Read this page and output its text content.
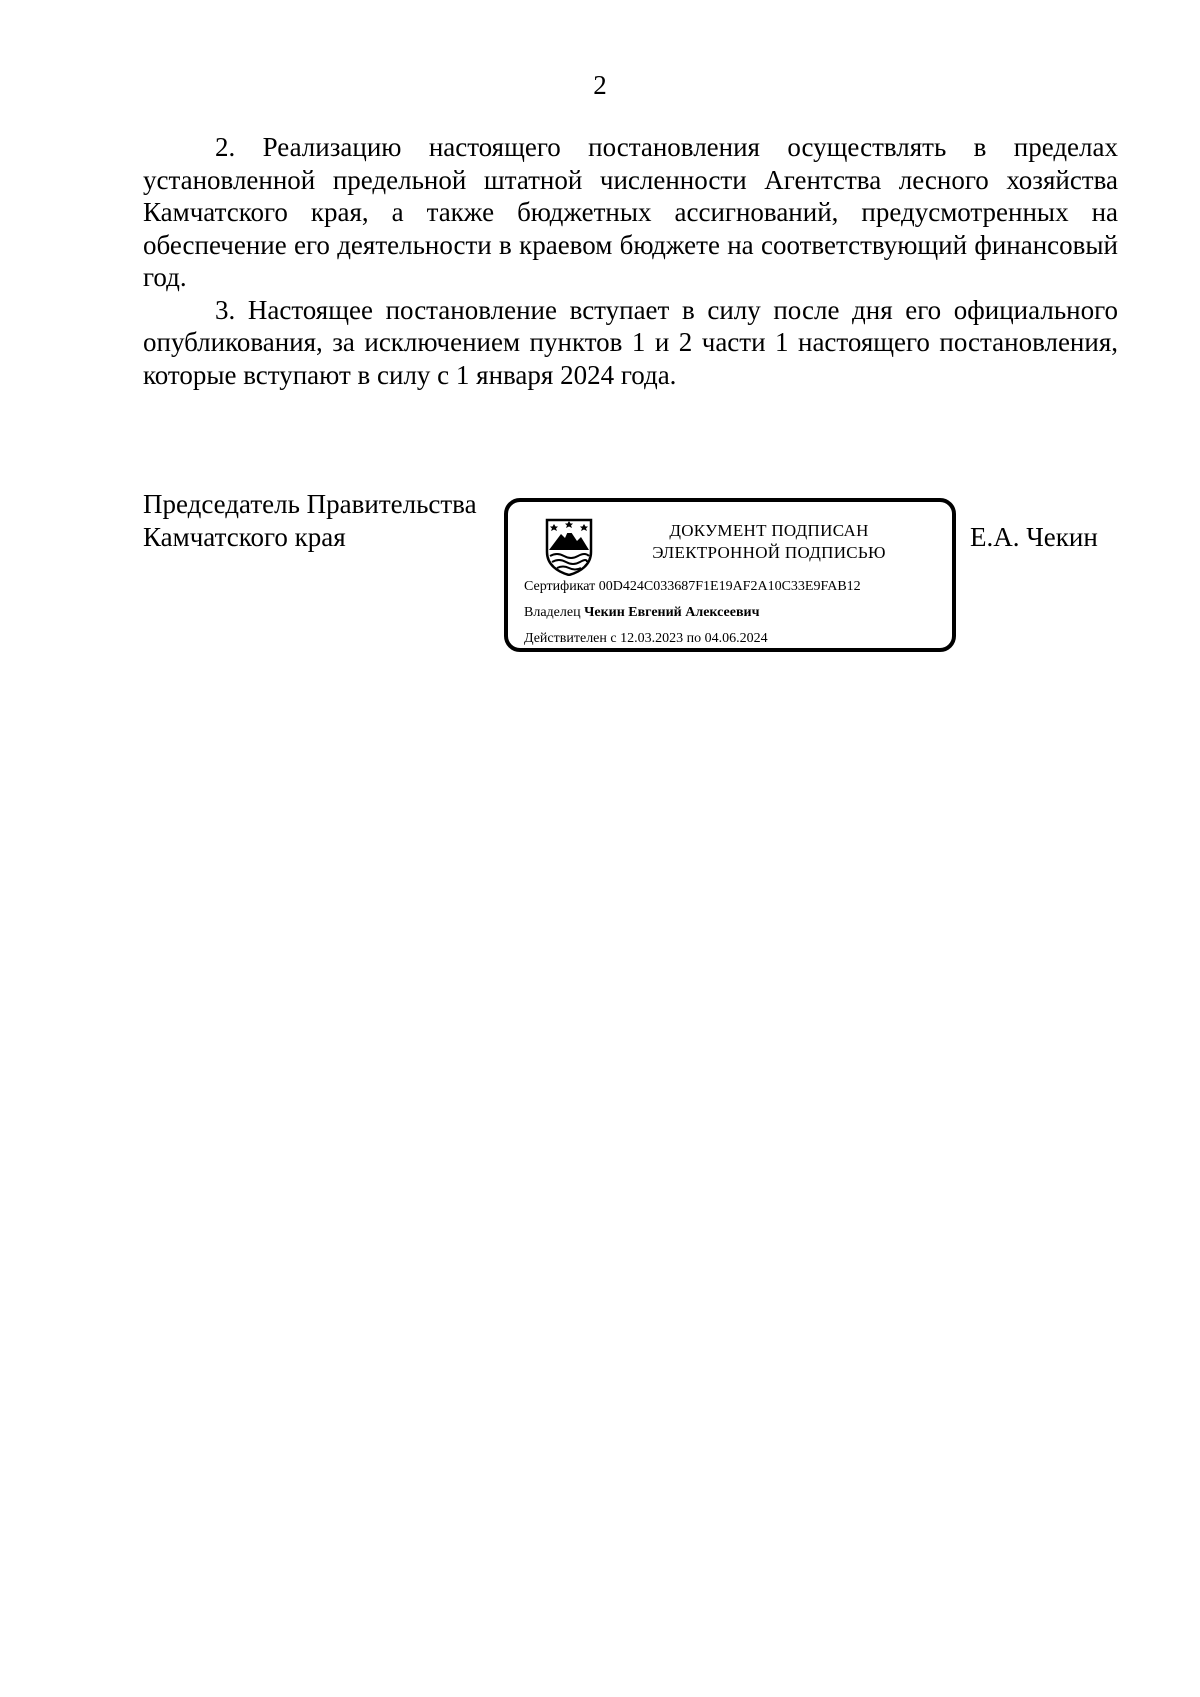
2

2. Реализацию настоящего постановления осуществлять в пределах установленной предельной штатной численности Агентства лесного хозяйства Камчатского края, а также бюджетных ассигнований, предусмотренных на обеспечение его деятельности в краевом бюджете на соответствующий финансовый год.

3. Настоящее постановление вступает в силу после дня его официального опубликования, за исключением пунктов 1 и 2 части 1 настоящего постановления, которые вступают в силу с 1 января 2024 года.

Председатель Правительства
Камчатского края	ДОКУМЕНТ ПОДПИСАН
ЭЛЕКТРОННОЙ ПОДПИСЬЮ
Сертификат 00D424C033687F1E19AF2A10C33E9FAB12
Владелец Чекин Евгений Алексеевич
Действителен с 12.03.2023 по 04.06.2024
Е.А. Чекин
